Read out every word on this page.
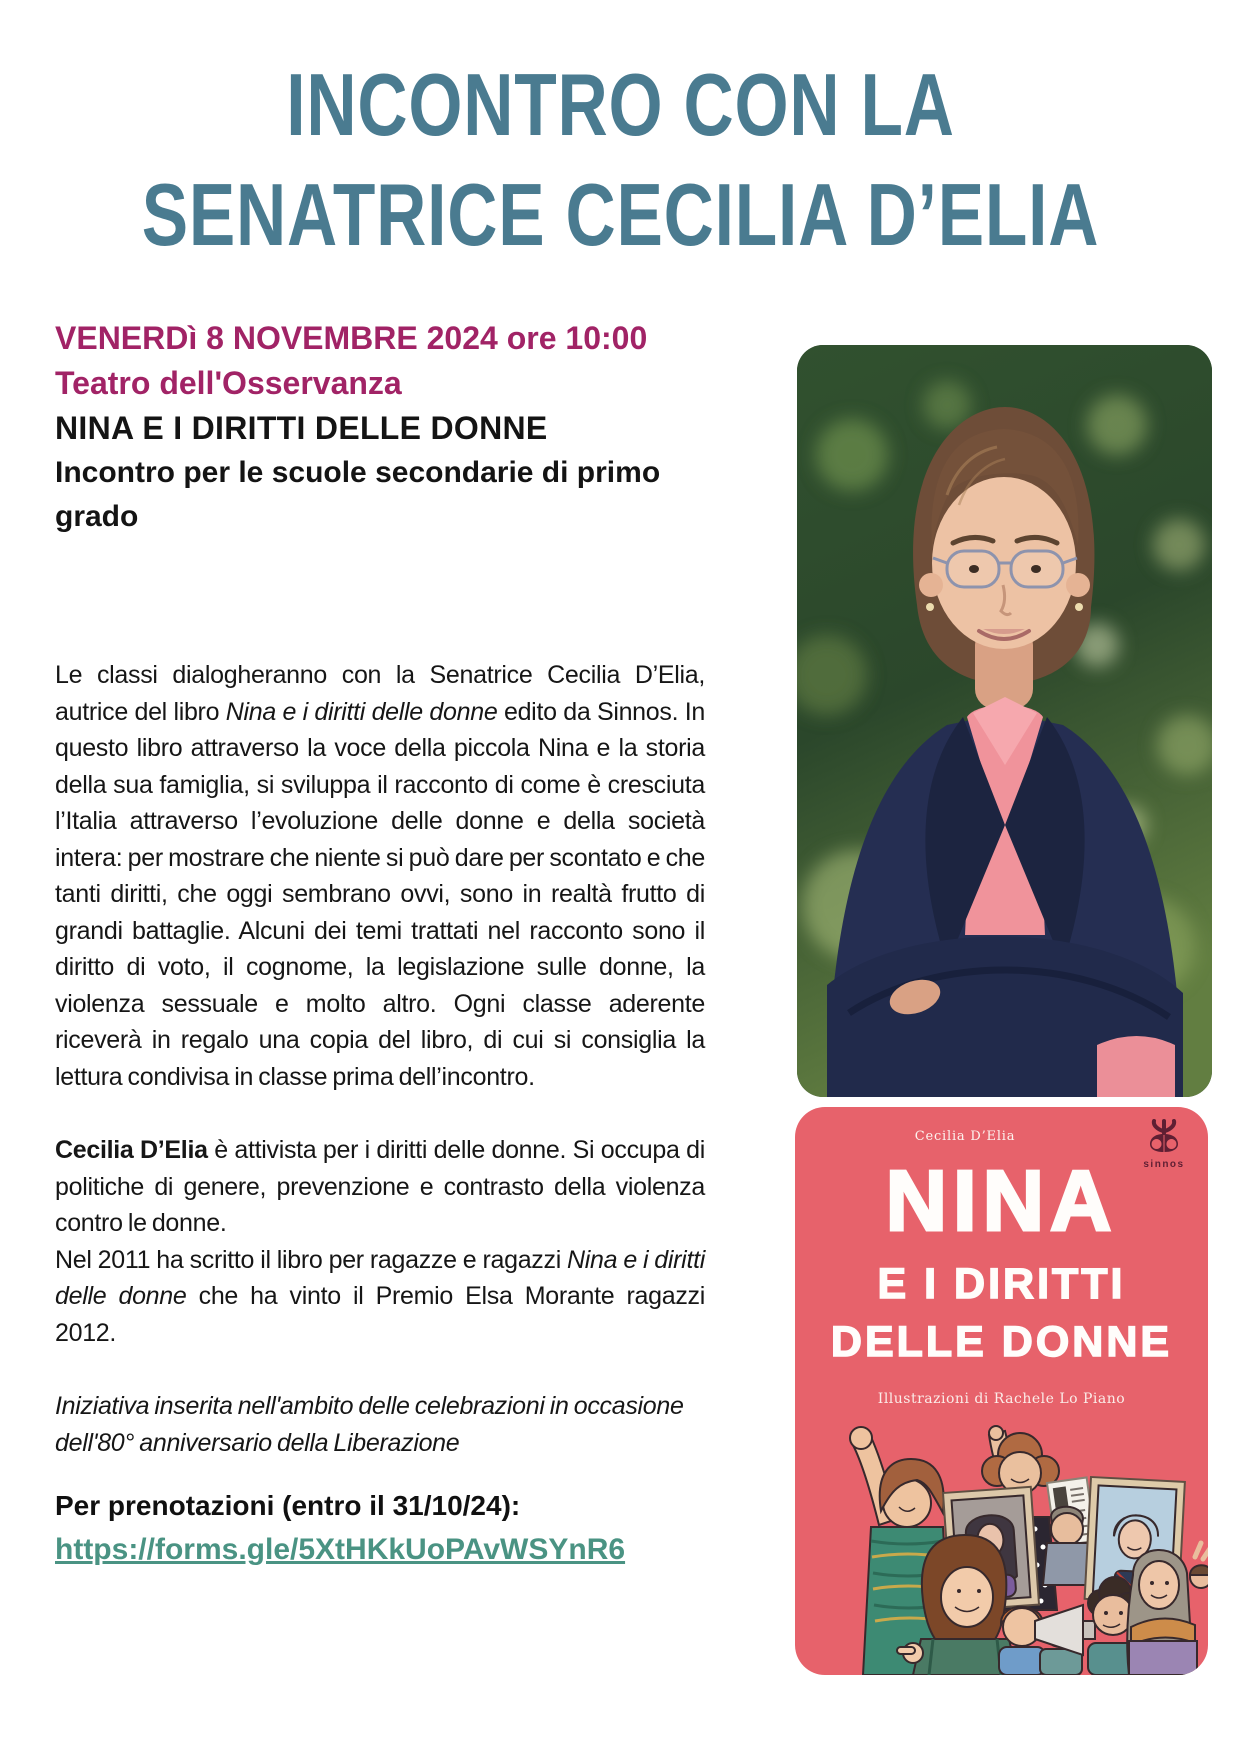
INCONTRO CON LA
SENATRICE CECILIA D’ELIA
VENERDì 8 NOVEMBRE 2024 ore 10:00
Teatro dell'Osservanza
NINA E I DIRITTI DELLE DONNE
Incontro per le scuole secondarie di primo grado

Le classi dialogheranno con la Senatrice Cecilia D’Elia, autrice del libro Nina e i diritti delle donne edito da Sinnos. In questo libro attraverso la voce della piccola Nina e la storia della sua famiglia, si sviluppa il racconto di come è cresciuta l’Italia attraverso l’evoluzione delle donne e della società intera: per mostrare che niente si può dare per scontato e che tanti diritti, che oggi sembrano ovvi, sono in realtà frutto di grandi battaglie. Alcuni dei temi trattati nel racconto sono il diritto di voto, il cognome, la legislazione sulle donne, la violenza sessuale e molto altro. Ogni classe aderente riceverà in regalo una copia del libro, di cui si consiglia la lettura condivisa in classe prima dell’incontro.

Cecilia D’Elia è attivista per i diritti delle donne. Si occupa di politiche di genere, prevenzione e contrasto della violenza contro le donne.
Nel 2011 ha scritto il libro per ragazze e ragazzi Nina e i diritti delle donne che ha vinto il Premio Elsa Morante ragazzi 2012.

Iniziativa inserita nell'ambito delle celebrazioni in occasione dell'80° anniversario della Liberazione

Per prenotazioni (entro il 31/10/24):
https://forms.gle/5XtHKkUoPAvWSYnR6
Cecilia D’Elia
sinnos
NINA
E I DIRITTI
DELLE DONNE
Illustrazioni di Rachele Lo Piano
